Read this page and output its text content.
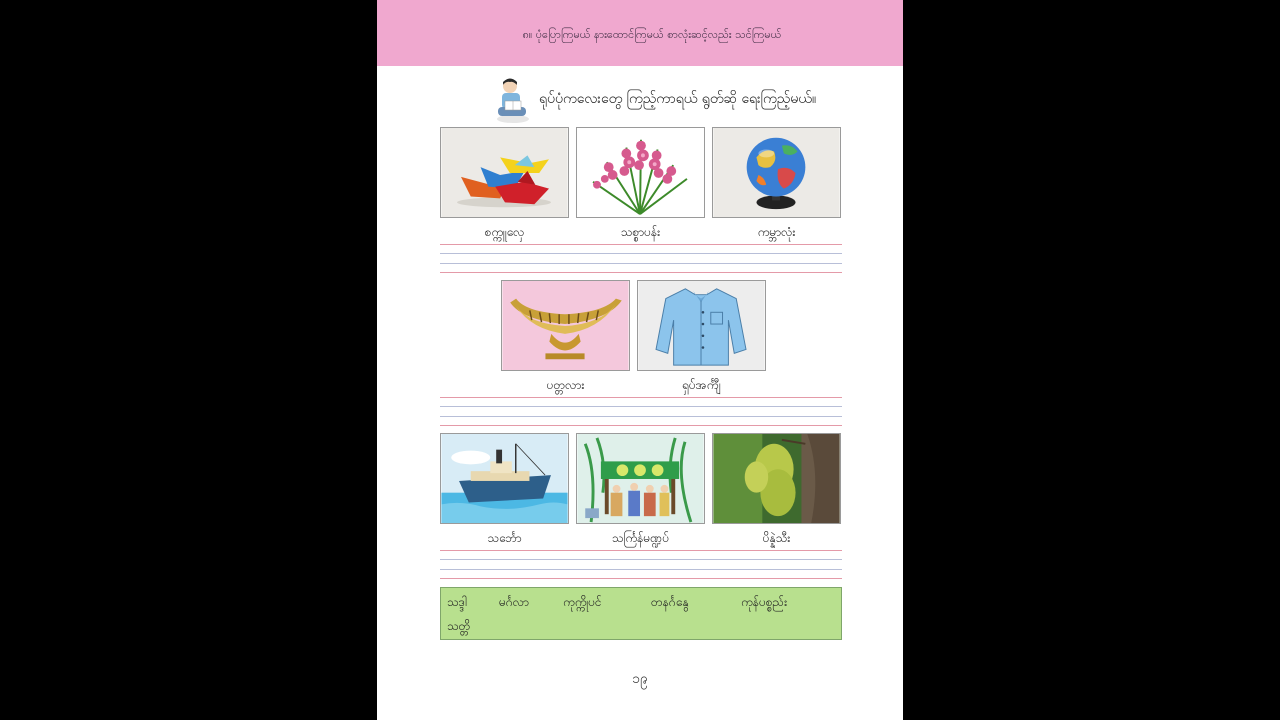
၈။ ပုံပြောကြမယ် နားထောင်ကြမယ် စာလုံးဆင့်လည်း သင်ကြမယ်
ရုပ်ပုံကလေးတွေ ကြည့်ကာရယ် ရွတ်ဆို ရေးကြည့်မယ်။
စက္ကူလှေ	သစ္စာပန်း	ကမ္ဘာလုံး
ပတ္တလား	ရှပ်အင်္ကျီ
သင်္ဘော	သင်္ကြန်မဏ္ဍပ်	ပိန္နဲသီး
သဒ္ဒါ	မင်္ဂလာ	ကုက္ကိုပင်	တနင်္ဂနွေ	ကုန်ပစ္စည်း
သတ္တိ
၁၉
